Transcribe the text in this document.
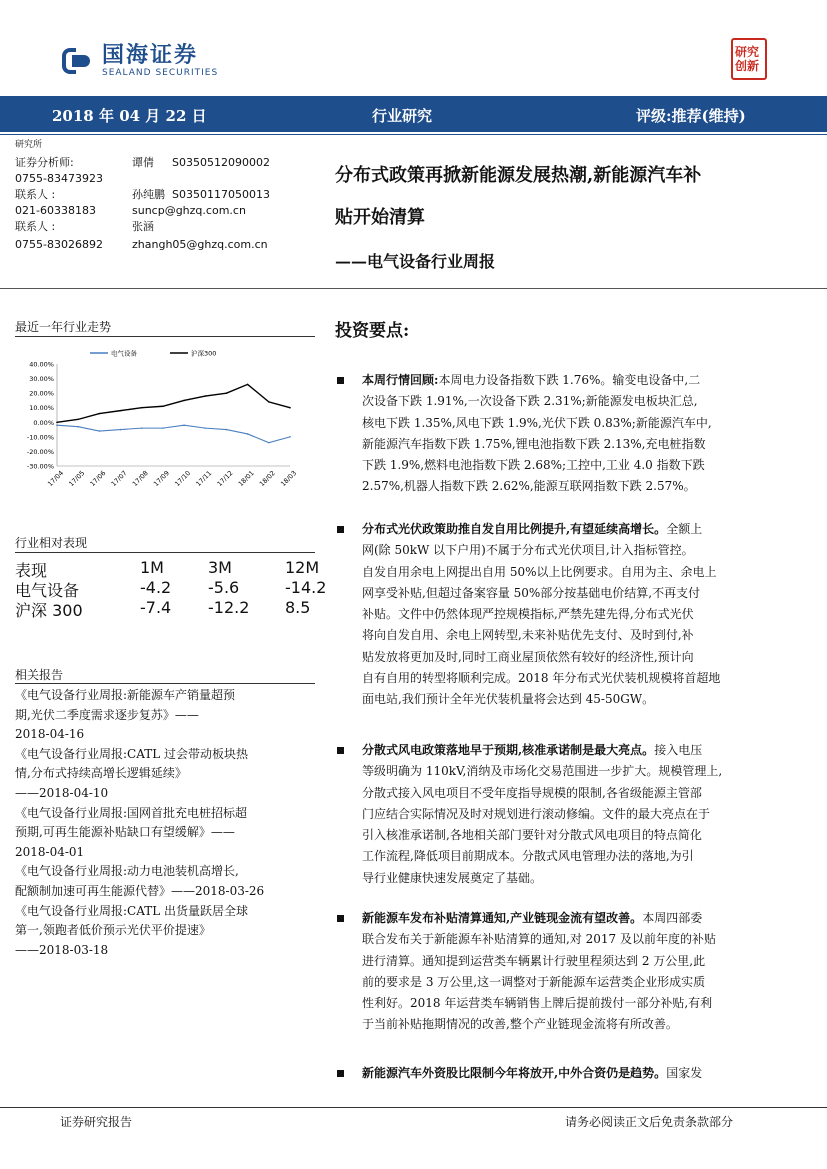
国海证券
SEALAND SECURITIES
研究创新
2018 年 04 月 22 日	行业研究	评级:推荐(维持)
研究所
证券分析师:	谭倩 S0350512090002
0755-83473923
联系人 :	孙纯鹏 S0350117050013
021-60338183	suncp@ghzq.com.cn
联系人 :	张涵
0755-83026892	zhangh05@ghzq.com.cn
分布式政策再掀新能源发展热潮,新能源汽车补
贴开始清算
——电气设备行业周报
最近一年行业走势
40.00%
30.00%
20.00%
10.00%
0.00%
-10.00%
-20.00%
-30.00%
17/04 17/05 17/06 17/07 17/08 17/09 17/10 17/11 17/12 18/01 18/02 18/03
电气设备	沪深300
行业相对表现
表现	1M	3M	12M
电气设备	-4.2 -5.6	-14.2
沪深 300	-7.4 -12.2 8.5
相关报告
《电气设备行业周报:新能源车产销量超预
期,光伏二季度需求逐步复苏》——
2018-04-16
《电气设备行业周报:CATL 过会带动板块热
情,分布式持续高增长逻辑延续》
——2018-04-10
《电气设备行业周报:国网首批充电桩招标超
预期,可再生能源补贴缺口有望缓解》——
2018-04-01
《电气设备行业周报:动力电池装机高增长,
配额制加速可再生能源代替》——2018-03-26
《电气设备行业周报:CATL 出货量跃居全球
第一,领跑者低价预示光伏平价提速》
——2018-03-18
投资要点:
本周行情回顾:本周电力设备指数下跌 1.76%。输变电设备中,二
次设备下跌 1.91%,一次设备下跌 2.31%;新能源发电板块汇总,
核电下跌 1.35%,风电下跌 1.9%,光伏下跌 0.83%;新能源汽车中,
新能源汽车指数下跌 1.75%,锂电池指数下跌 2.13%,充电桩指数
下跌 1.9%,燃料电池指数下跌 2.68%;工控中,工业 4.0 指数下跌
2.57%,机器人指数下跌 2.62%,能源互联网指数下跌 2.57%。
分布式光伏政策助推自发自用比例提升,有望延续高增长。全额上
网(除 50kW 以下户用)不属于分布式光伏项目,计入指标管控。
自发自用余电上网提出自用 50%以上比例要求。自用为主、余电上
网享受补贴,但超过备案容量 50%部分按基础电价结算,不再支付
补贴。文件中仍然体现严控规模指标,严禁先建先得,分布式光伏
将向自发自用、余电上网转型,未来补贴优先支付、及时到付,补
贴发放将更加及时,同时工商业屋顶依然有较好的经济性,预计向
自有自用的转型将顺利完成。2018 年分布式光伏装机规模将首超地
面电站,我们预计全年光伏装机量将会达到 45-50GW。
分散式风电政策落地早于预期,核准承诺制是最大亮点。接入电压
等级明确为 110kV,消纳及市场化交易范围进一步扩大。规模管理上,
分散式接入风电项目不受年度指导规模的限制,各省级能源主管部
门应结合实际情况及时对规划进行滚动修编。文件的最大亮点在于
引入核准承诺制,各地相关部门要针对分散式风电项目的特点简化
工作流程,降低项目前期成本。分散式风电管理办法的落地,为引
导行业健康快速发展奠定了基础。
新能源车发布补贴清算通知,产业链现金流有望改善。本周四部委
联合发布关于新能源车补贴清算的通知,对 2017 及以前年度的补贴
进行清算。通知提到运营类车辆累计行驶里程须达到 2 万公里,此
前的要求是 3 万公里,这一调整对于新能源车运营类企业形成实质
性利好。2018 年运营类车辆销售上牌后提前拨付一部分补贴,有利
于当前补贴拖期情况的改善,整个产业链现金流将有所改善。
新能源汽车外资股比限制今年将放开,中外合资仍是趋势。国家发
证券研究报告	请务必阅读正文后免责条款部分
